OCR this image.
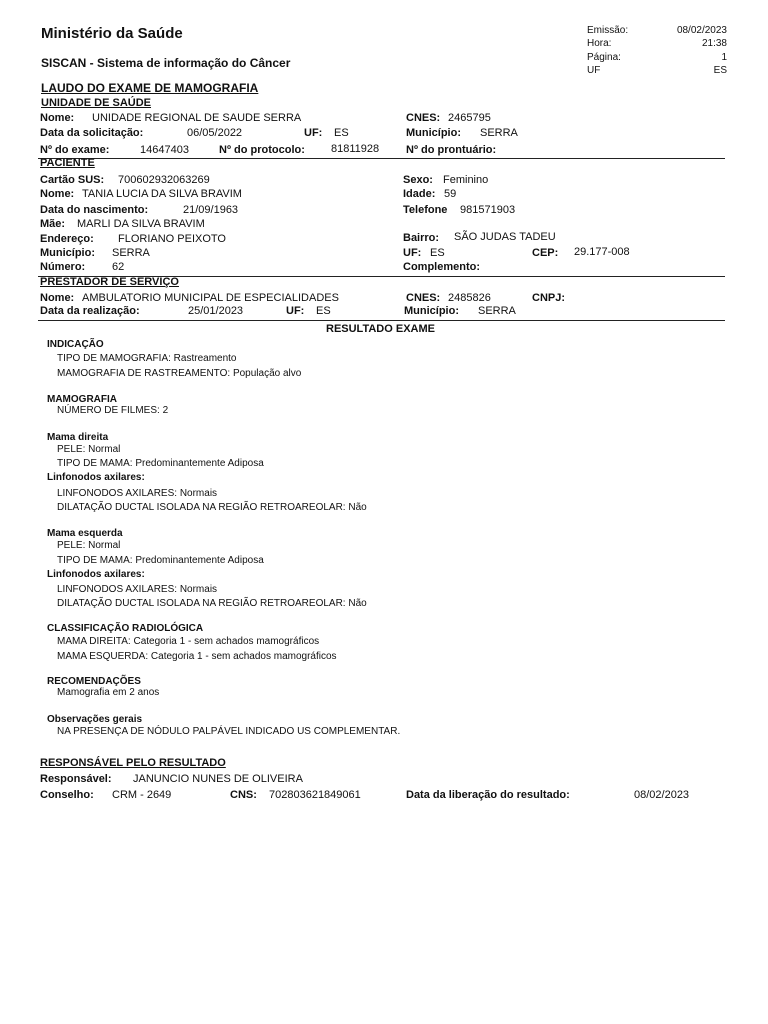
Ministério da Saúde
SISCAN - Sistema de informação do Câncer
Emissão:	08/02/2023
Hora:	21:38
Página:	1
UF	ES
LAUDO DO EXAME DE MAMOGRAFIA
UNIDADE DE SAÚDE
Nome: UNIDADE REGIONAL DE SAUDE SERRA	CNES: 2465795
Data da solicitação:	06/05/2022	UF: ES	Município: SERRA
Nº do exame:	14647403	Nº do protocolo: 81811928 Nº do prontuário:
PACIENTE
Cartão SUS: 700602932063269	Sexo: Feminino
Nome: TANIA LUCIA DA SILVA BRAVIM	Idade: 59
Data do nascimento:	21/09/1963	Telefone 981571903
Mãe: MARLI DA SILVA BRAVIM
Endereço: FLORIANO PEIXOTO	Bairro: SÃO JUDAS TADEU
Município: SERRA	UF: ES	CEP: 29.177-008
Número: 62	Complemento:
PRESTADOR DE SERVIÇO
Nome: AMBULATORIO MUNICIPAL DE ESPECIALIDADES	CNES: 2485826	CNPJ:
Data da realização:	25/01/2023	UF: ES	Município: SERRA
RESULTADO EXAME
INDICAÇÃO
TIPO DE MAMOGRAFIA: Rastreamento
MAMOGRAFIA DE RASTREAMENTO: População alvo
MAMOGRAFIA
NÚMERO DE FILMES: 2
Mama direita
PELE: Normal
TIPO DE MAMA: Predominantemente Adiposa
Linfonodos axilares:
LINFONODOS AXILARES: Normais
DILATAÇÃO DUCTAL ISOLADA NA REGIÃO RETROAREOLAR: Não
Mama esquerda
PELE: Normal
TIPO DE MAMA: Predominantemente Adiposa
Linfonodos axilares:
LINFONODOS AXILARES: Normais
DILATAÇÃO DUCTAL ISOLADA NA REGIÃO RETROAREOLAR: Não
CLASSIFICAÇÃO RADIOLÓGICA
MAMA DIREITA: Categoria 1 - sem achados mamográficos
MAMA ESQUERDA: Categoria 1 - sem achados mamográficos
RECOMENDAÇÕES
Mamografia em 2 anos
Observações gerais
NA PRESENÇA DE NÓDULO PALPÁVEL INDICADO US COMPLEMENTAR.
RESPONSÁVEL PELO RESULTADO
Responsável: JANUNCIO NUNES DE OLIVEIRA
Conselho: CRM - 2649	CNS: 702803621849061	Data da liberação do resultado:	08/02/2023
